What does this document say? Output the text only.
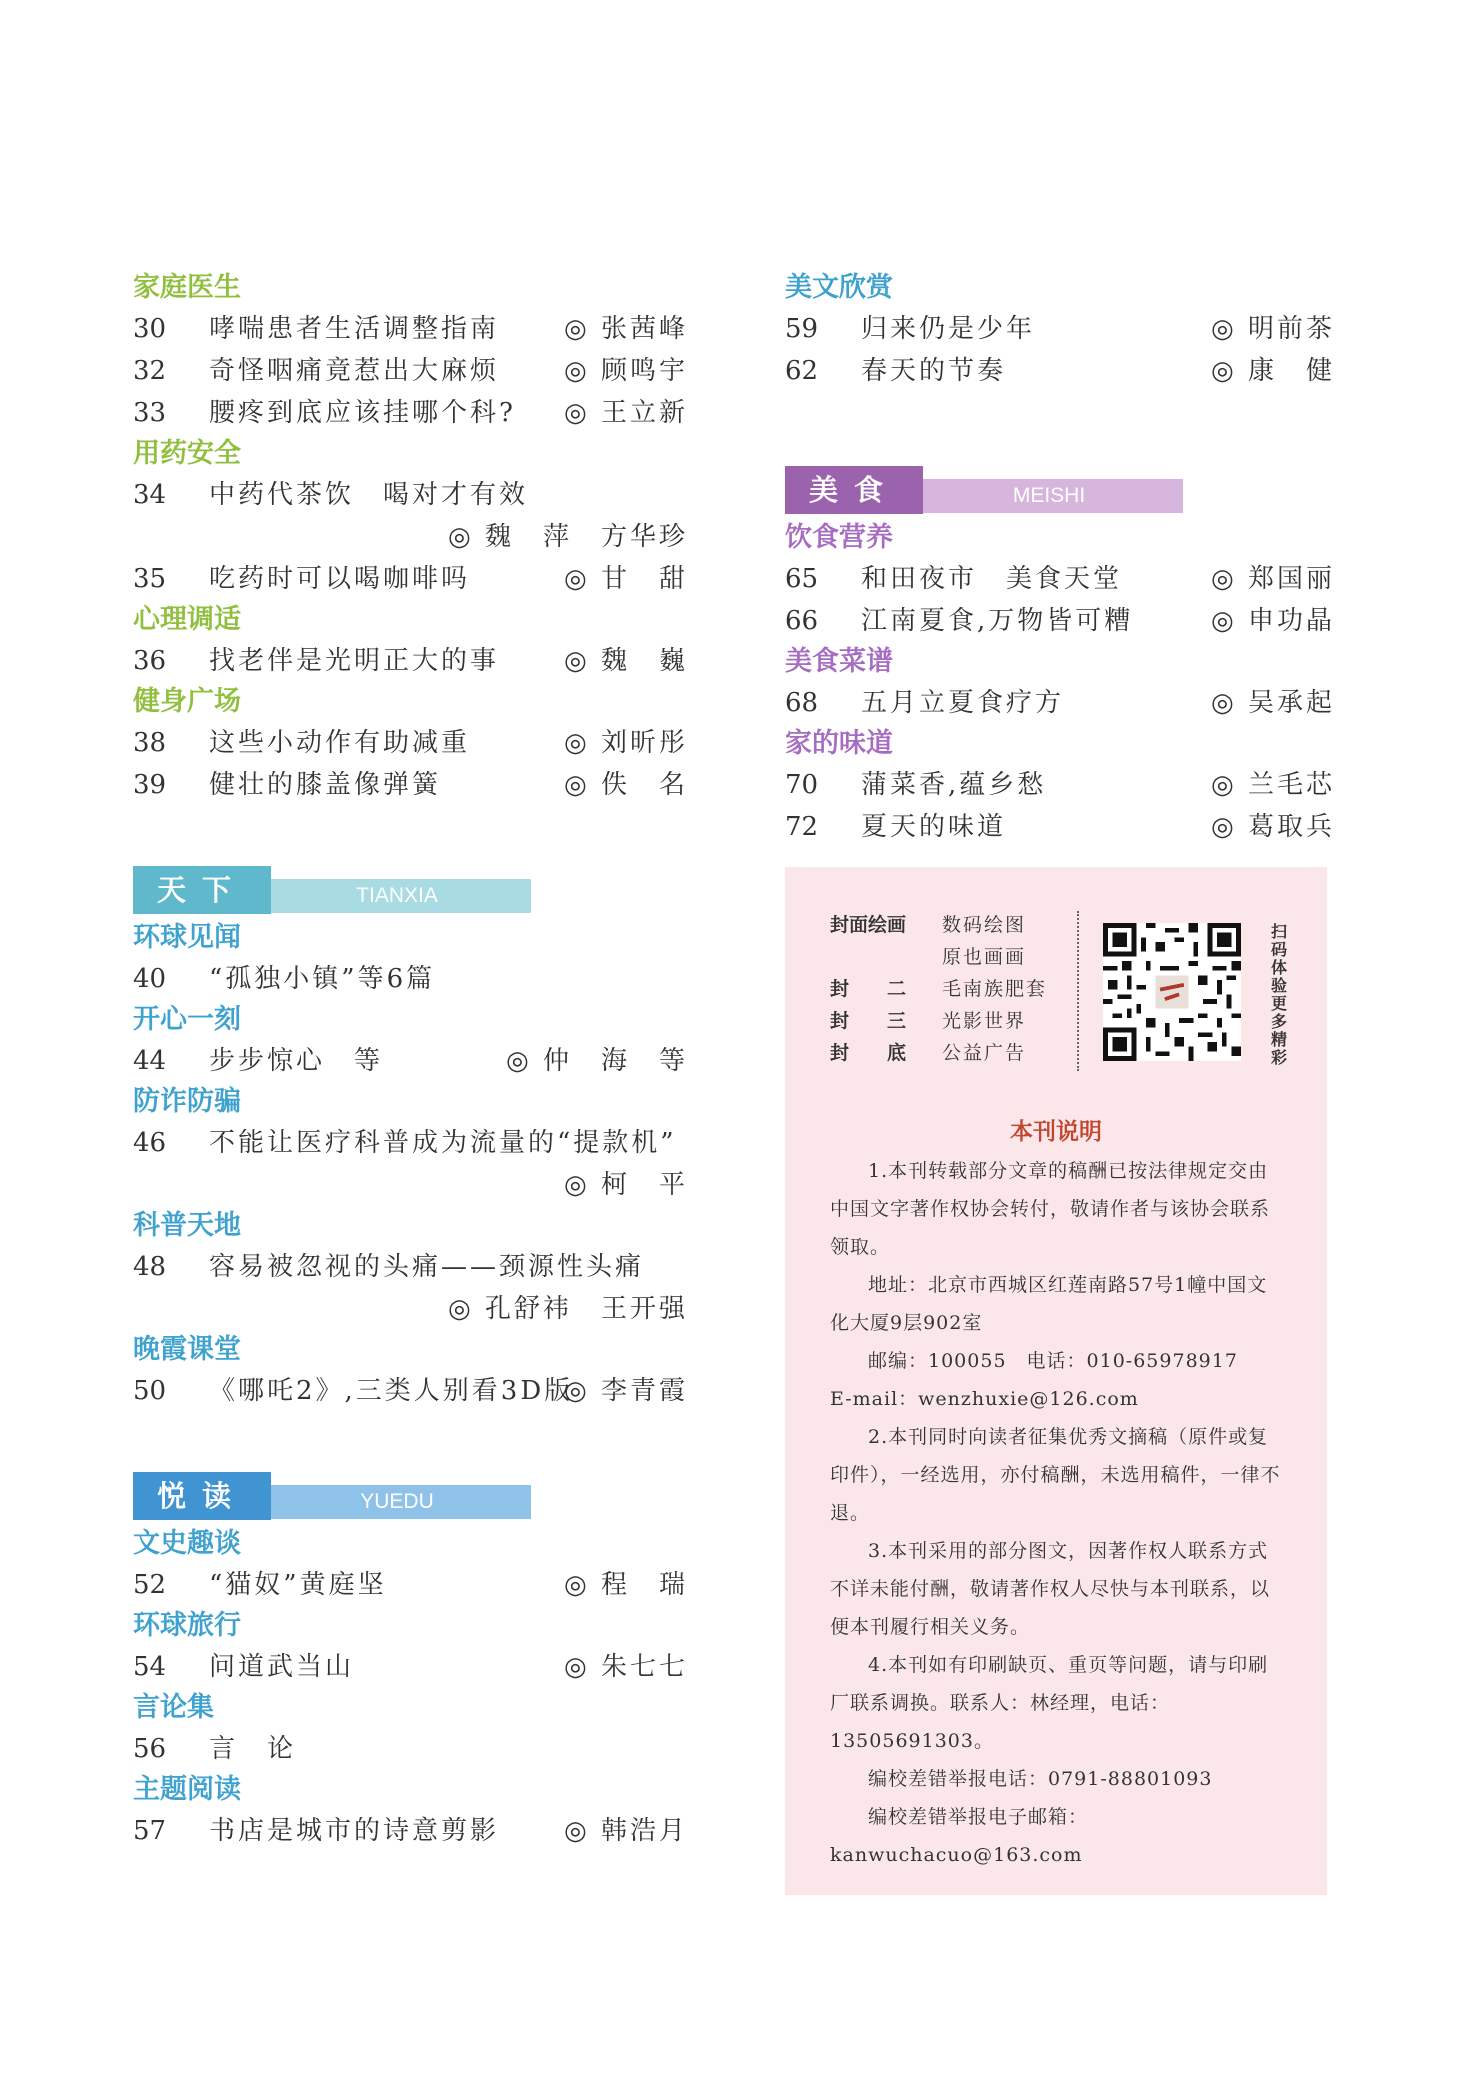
家庭医生
30 哮喘患者生活调整指南	◎ 张茜峰
32 奇怪咽痛竟惹出大麻烦	◎ 顾鸣宇
33 腰疼到底应该挂哪个科? ◎ 王立新
用药安全
34 中药代茶饮　喝对才有效
◎ 魏　萍　方华珍
35 吃药时可以喝咖啡吗	◎ 甘　甜
心理调适
36 找老伴是光明正大的事	◎ 魏　巍
健身广场
38 这些小动作有助减重	◎ 刘昕彤
39 健壮的膝盖像弹簧	◎ 佚　名
TIANXIA
天下
环球见闻
40 “孤独小镇”等6篇
开心一刻
44 步步惊心　等	◎ 仲　海　等
防诈防骗
46 不能让医疗科普成为流量的“提款机”
◎ 柯　平
科普天地
48 容易被忽视的头痛——颈源性头痛
◎ 孔舒祎　王开强
晚霞课堂
50 《哪吒2》,三类人别看3D版
◎ 李青霞
YUEDU
悦读
文史趣谈
52 “猫奴”黄庭坚	◎ 程　瑞
环球旅行
54 问道武当山	◎ 朱七七
言论集
56 言　论
主题阅读
57 书店是城市的诗意剪影	◎ 韩浩月
美文欣赏
59 归来仍是少年	◎ 明前茶
62 春天的节奏	◎ 康　健
MEISHI
美食
饮食营养
65 和田夜市　美食天堂	◎ 郑国丽
66 江南夏食,万物皆可糟	◎ 申功晶
美食菜谱
68 五月立夏食疗方	◎ 吴承起
家的味道
70 蒲菜香,蕴乡愁	◎ 兰毛芯
72 夏天的味道	◎ 葛取兵
封面绘画 数码绘图
原也画画
封　　二 毛南族肥套
封　　三 光影世界
封　　底 公益广告
扫码体验更多精彩
本刊说明

1.本刊转载部分文章的稿酬已按法律规定交由中国文字著作权协会转付，敬请作者与该协会联系领取。

地址：北京市西城区红莲南路57号1幢中国文化大厦9层902室

邮编：100055　电话：010-65978917

E-mail：wenzhuxie@126.com

2.本刊同时向读者征集优秀文摘稿（原件或复印件），一经选用，亦付稿酬，未选用稿件，一律不退。

3.本刊采用的部分图文，因著作权人联系方式不详未能付酬，敬请著作权人尽快与本刊联系，以便本刊履行相关义务。

4.本刊如有印刷缺页、重页等问题，请与印刷厂联系调换。联系人：林经理，电话：13505691303。

编校差错举报电话：0791-88801093

编校差错举报电子邮箱：kanwuchacuo@163.com
